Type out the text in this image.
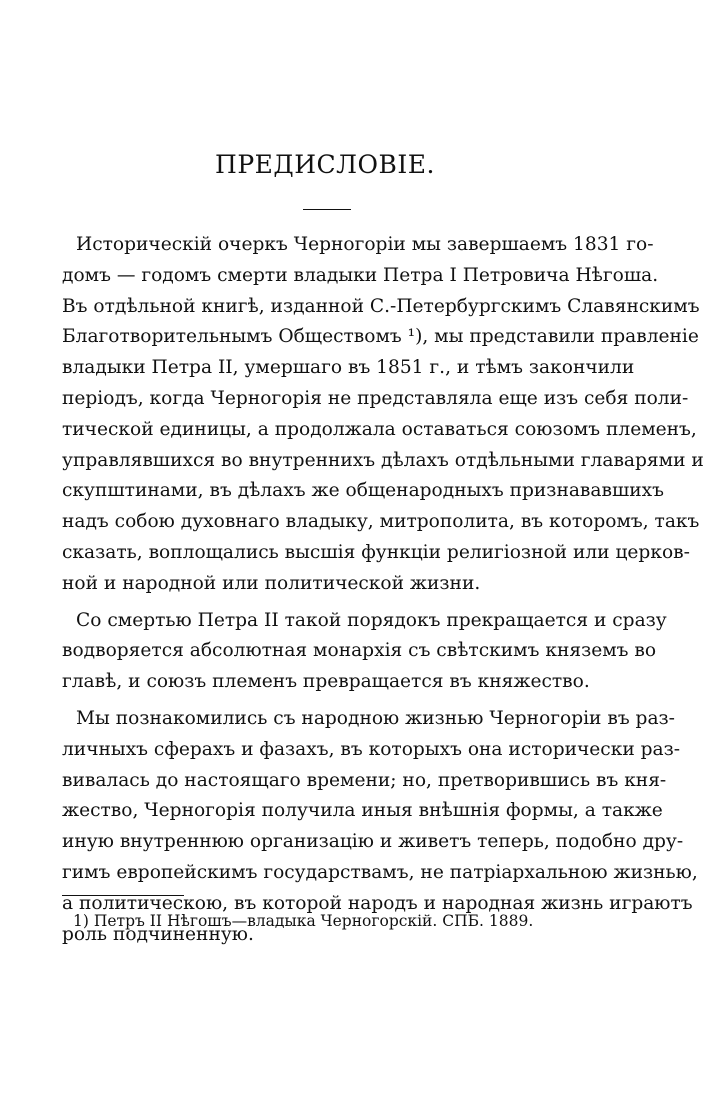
ПРЕДИСЛОВІЕ.
Историческій очеркъ Черногоріи мы завершаемъ 1831 го-
домъ — годомъ смерти владыки Петра I Петровича Нѣгоша.
Въ отдѣльной книгѣ, изданной С.-Петербургскимъ Славянскимъ
Благотворительнымъ Обществомъ ¹), мы представили правленіе
владыки Петра II, умершаго въ 1851 г., и тѣмъ закончили
періодъ, когда Черногорія не представляла еще изъ себя поли-
тической единицы, а продолжала оставаться союзомъ племенъ,
управлявшихся во внутреннихъ дѣлахъ отдѣльными главарями и
скупштинами, въ дѣлахъ же общенародныхъ признававшихъ
надъ собою духовнаго владыку, митрополита, въ которомъ, такъ
сказать, воплощались высшія функціи религіозной или церков-
ной и народной или политической жизни.
Со смертью Петра II такой порядокъ прекращается и сразу
водворяется абсолютная монархія съ свѣтскимъ княземъ во
главѣ, и союзъ племенъ превращается въ княжество.
Мы познакомились съ народною жизнью Черногоріи въ раз-
личныхъ сферахъ и фазахъ, въ которыхъ она исторически раз-
вивалась до настоящаго времени; но, претворившись въ кня-
жество, Черногорія получила иныя внѣшнія формы, а также
иную внутреннюю организацію и живетъ теперь, подобно дру-
гимъ европейскимъ государствамъ, не патріархальною жизнью,
а политическою, въ которой народъ и народная жизнь играютъ
роль подчиненную.
1) Петръ II Нѣгошъ—владыка Черногорскій. СПБ. 1889.
